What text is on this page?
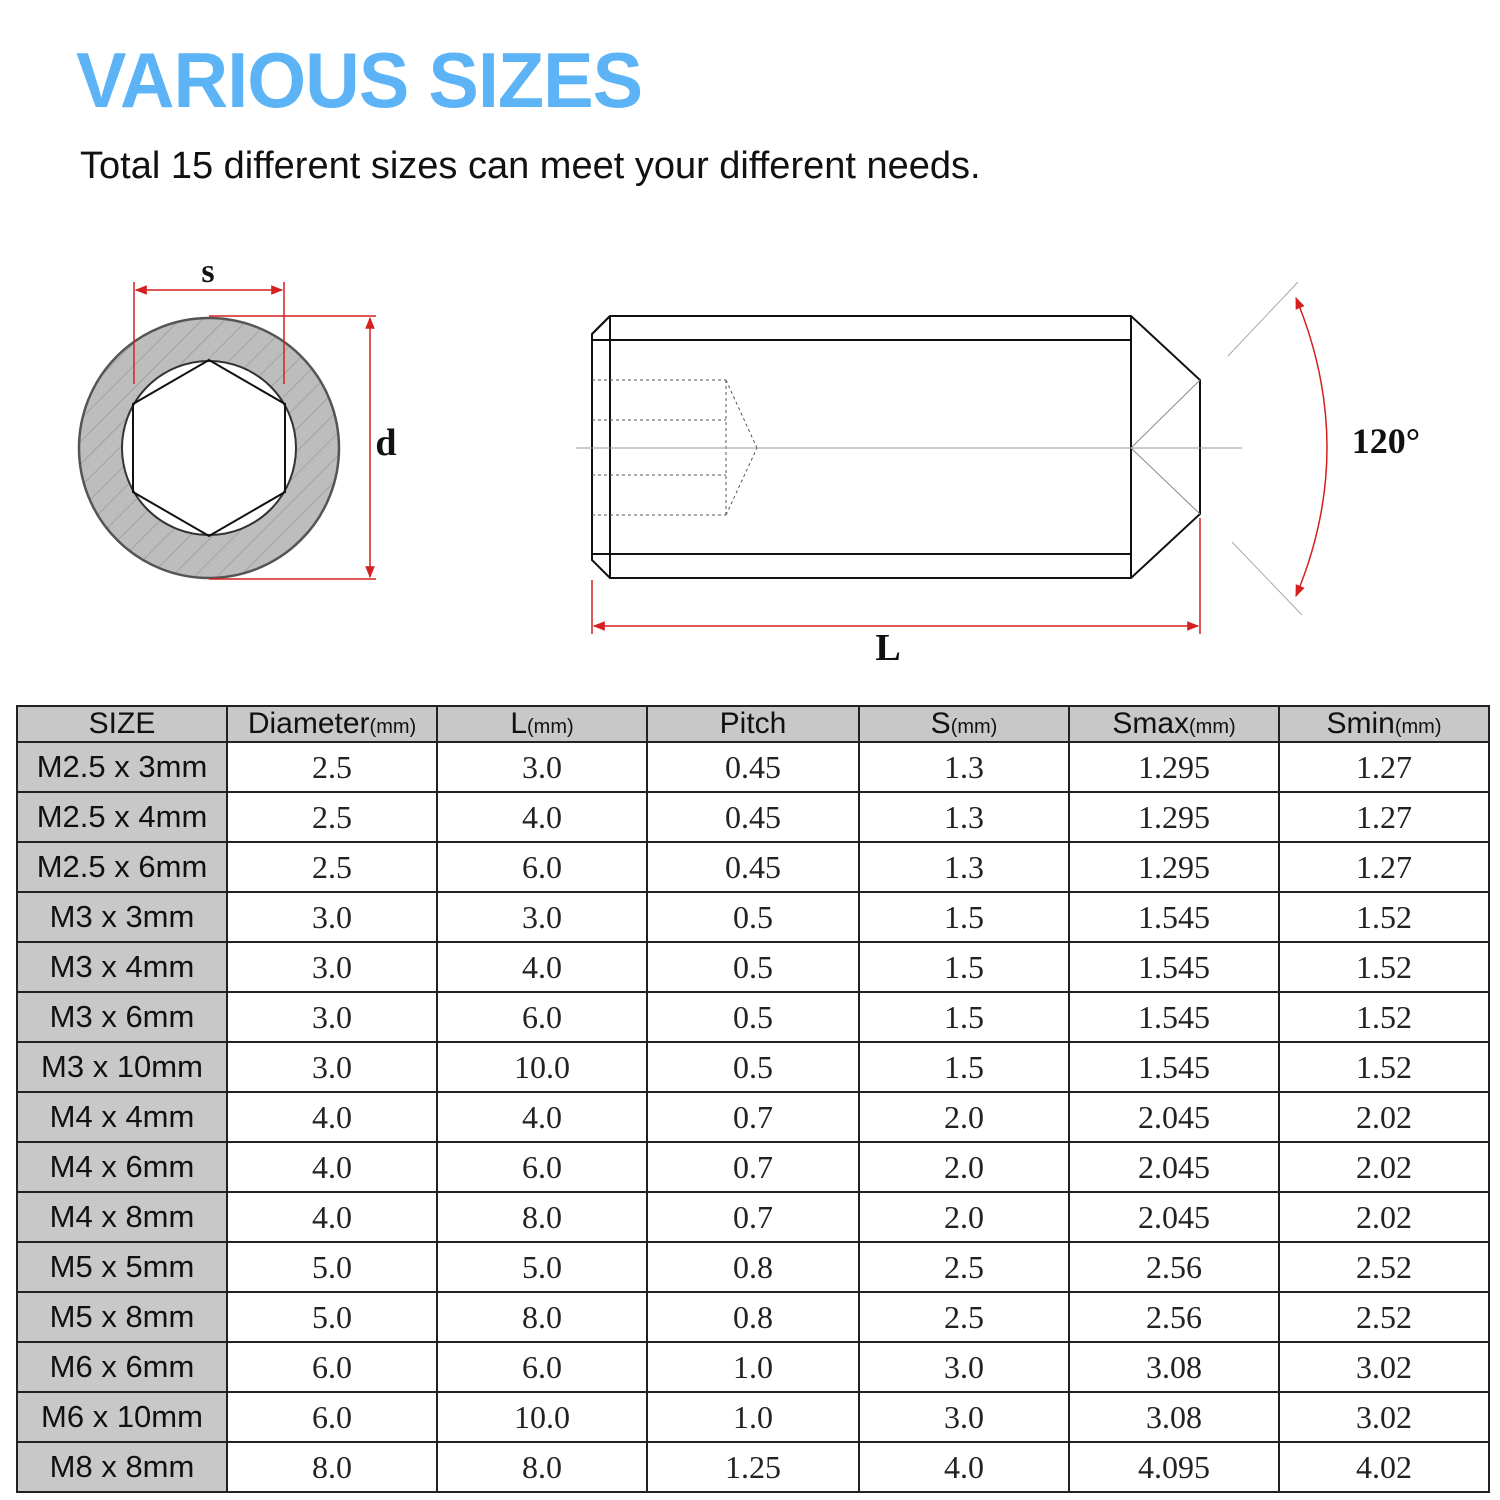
VARIOUS SIZES

Total 15 different sizes can meet your different needs.

s
d	120°
L
SIZE	Diameter(mm)	L(mm)	Pitch	S(mm)	Smax(mm)	Smin(mm)
M2.5 x 3mm	2.5	3.0	0.45	1.3	1.295	1.27
M2.5 x 4mm	2.5	4.0	0.45	1.3	1.295	1.27
M2.5 x 6mm	2.5	6.0	0.45	1.3	1.295	1.27
M3 x 3mm	3.0	3.0	0.5	1.5	1.545	1.52
M3 x 4mm	3.0	4.0	0.5	1.5	1.545	1.52
M3 x 6mm	3.0	6.0	0.5	1.5	1.545	1.52
M3 x 10mm	3.0	10.0	0.5	1.5	1.545	1.52
M4 x 4mm	4.0	4.0	0.7	2.0	2.045	2.02
M4 x 6mm	4.0	6.0	0.7	2.0	2.045	2.02
M4 x 8mm	4.0	8.0	0.7	2.0	2.045	2.02
M5 x 5mm	5.0	5.0	0.8	2.5	2.56	2.52
M5 x 8mm	5.0	8.0	0.8	2.5	2.56	2.52
M6 x 6mm	6.0	6.0	1.0	3.0	3.08	3.02
M6 x 10mm	6.0	10.0	1.0	3.0	3.08	3.02
M8 x 8mm	8.0	8.0	1.25	4.0	4.095	4.02
